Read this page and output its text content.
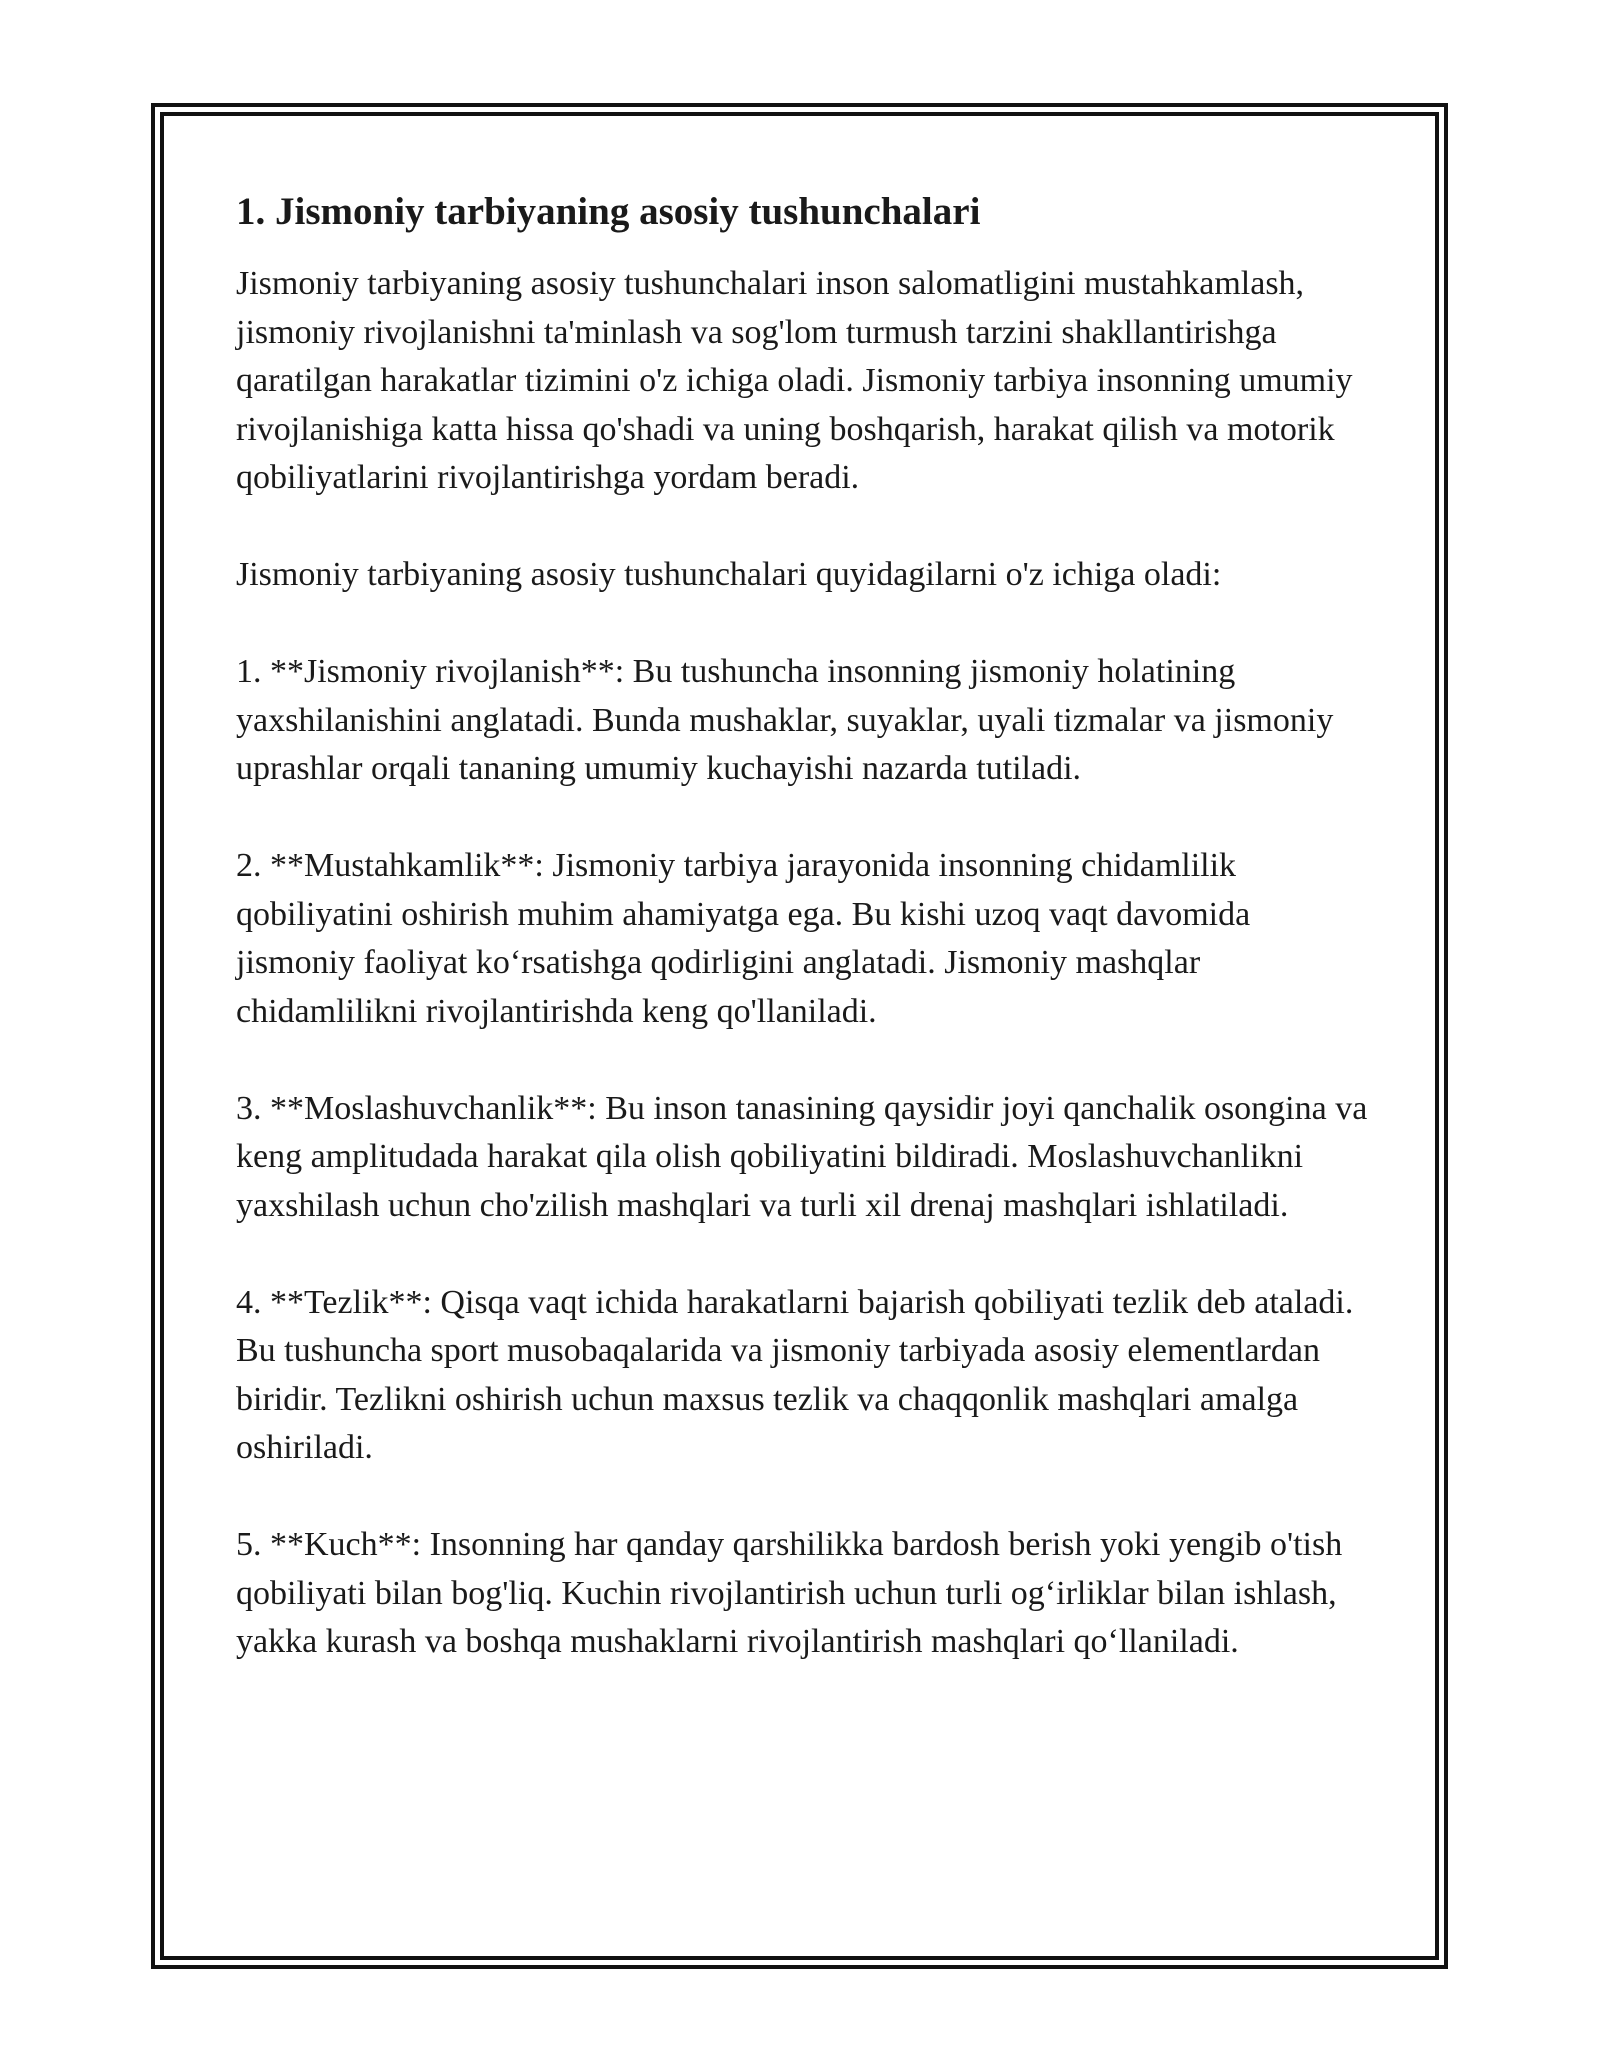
1. Jismoniy tarbiyaning asosiy tushunchalari

Jismoniy tarbiyaning asosiy tushunchalari inson salomatligini mustahkamlash, jismoniy rivojlanishni ta'minlash va sog'lom turmush tarzini shakllantirishga qaratilgan harakatlar tizimini o'z ichiga oladi. Jismoniy tarbiya insonning umumiy rivojlanishiga katta hissa qo'shadi va uning boshqarish, harakat qilish va motorik qobiliyatlarini rivojlantirishga yordam beradi.

Jismoniy tarbiyaning asosiy tushunchalari quyidagilarni o'z ichiga oladi:

1. **Jismoniy rivojlanish**: Bu tushuncha insonning jismoniy holatining yaxshilanishini anglatadi. Bunda mushaklar, suyaklar, uyali tizmalar va jismoniy uprashlar orqali tananing umumiy kuchayishi nazarda tutiladi.

2. **Mustahkamlik**: Jismoniy tarbiya jarayonida insonning chidamlilik qobiliyatini oshirish muhim ahamiyatga ega. Bu kishi uzoq vaqt davomida jismoniy faoliyat ko‘rsatishga qodirligini anglatadi. Jismoniy mashqlar chidamlilikni rivojlantirishda keng qo'llaniladi.

3. **Moslashuvchanlik**: Bu inson tanasining qaysidir joyi qanchalik osongina va keng amplitudada harakat qila olish qobiliyatini bildiradi. Moslashuvchanlikni yaxshilash uchun cho'zilish mashqlari va turli xil drenaj mashqlari ishlatiladi.

4. **Tezlik**: Qisqa vaqt ichida harakatlarni bajarish qobiliyati tezlik deb ataladi. Bu tushuncha sport musobaqalarida va jismoniy tarbiyada asosiy elementlardan biridir. Tezlikni oshirish uchun maxsus tezlik va chaqqonlik mashqlari amalga oshiriladi.

5. **Kuch**: Insonning har qanday qarshilikka bardosh berish yoki yengib o'tish qobiliyati bilan bog'liq. Kuchin rivojlantirish uchun turli og‘irliklar bilan ishlash, yakka kurash va boshqa mushaklarni rivojlantirish mashqlari qo‘llaniladi.
